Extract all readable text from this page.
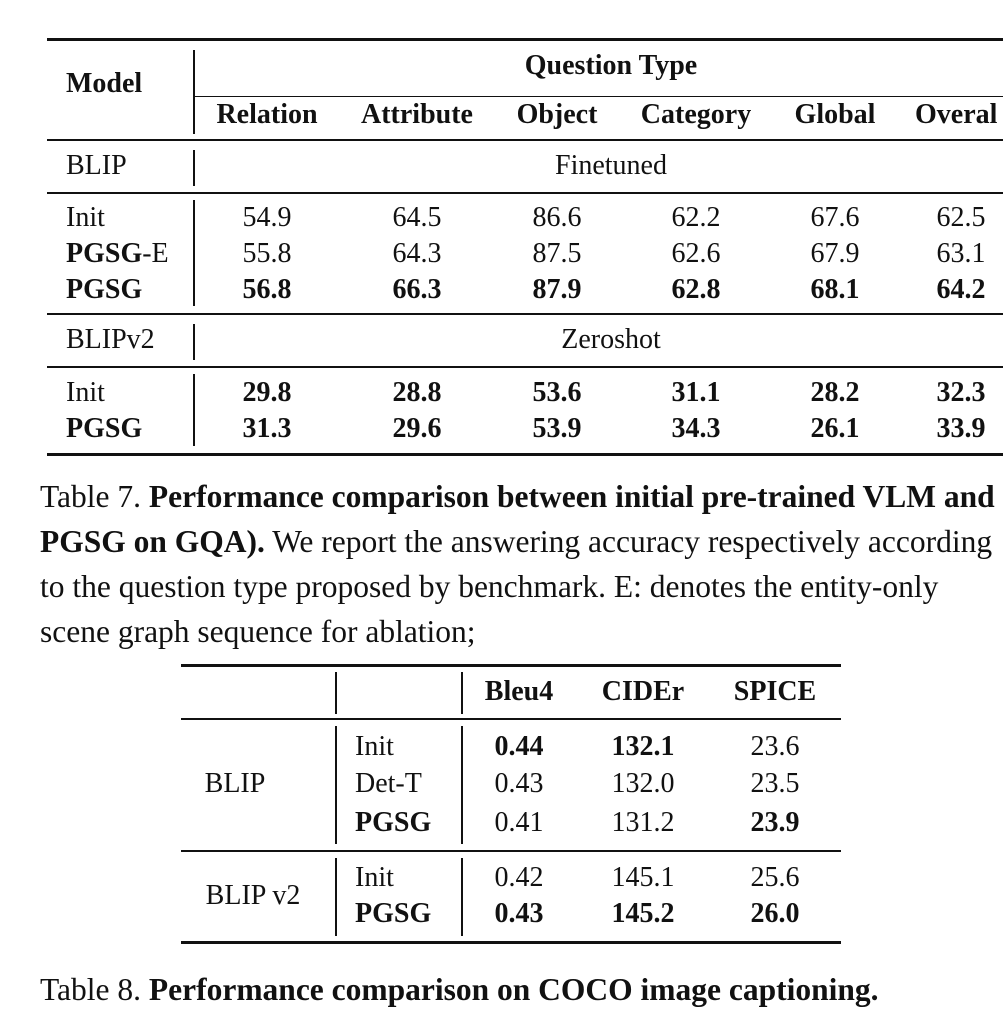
Model
Question Type
Relation Attribute Object Category Global Overal
BLIP	Finetuned
Init	54.9	64.5	86.6	62.2	67.6	62.5
PGSG-E	55.8	64.3	87.5	62.6	67.9	63.1
PGSG	56.8	66.3	87.9	62.8	68.1	64.2
BLIPv2	Zeroshot
Init	29.8	28.8	53.6	31.1	28.2	32.3
PGSG	31.3	29.6	53.9	34.3	26.1	33.9
Table 7. Performance comparison between initial pre-trained VLM and PGSG on GQA). We report the answering accuracy respectively according to the question type proposed by benchmark. E: denotes the entity-only scene graph sequence for ablation;
Bleu4 CIDEr SPICE
BLIP
Init	0.44 132.1	23.6
Det-T	0.43 132.0	23.5
PGSG 0.41 131.2	23.9
BLIP v2
Init	0.42 145.1	25.6
PGSG 0.43 145.2	26.0
Table 8. Performance comparison on COCO image captioning.
